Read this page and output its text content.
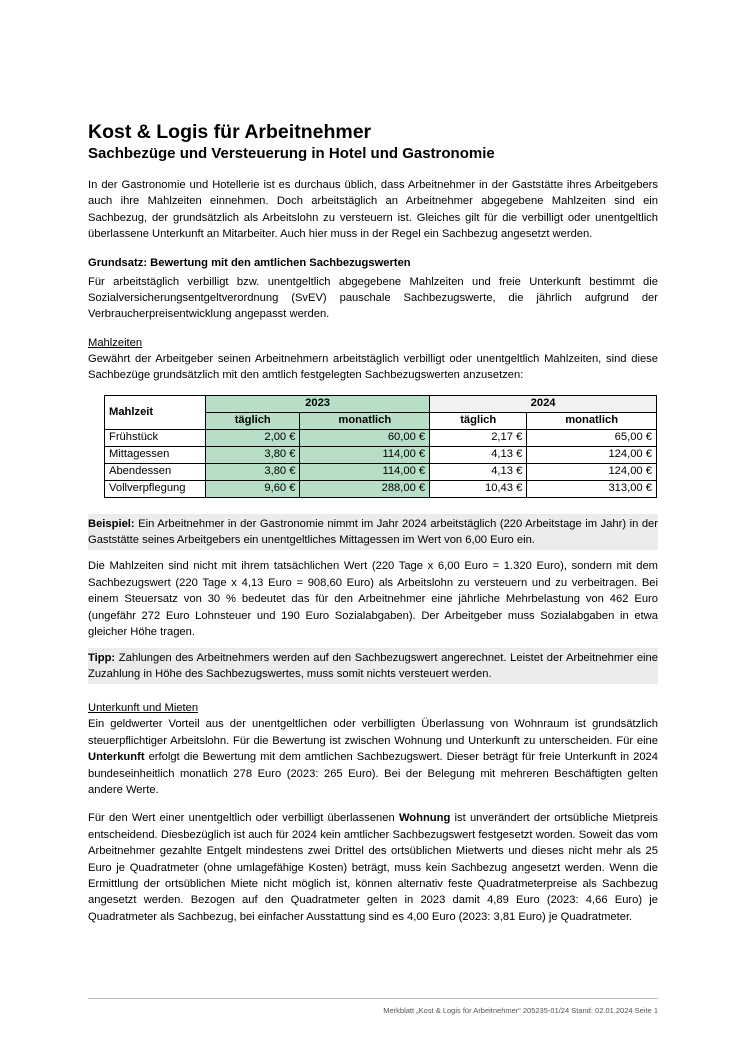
Kost & Logis für Arbeitnehmer
Sachbezüge und Versteuerung in Hotel und Gastronomie

In der Gastronomie und Hotellerie ist es durchaus üblich, dass Arbeitnehmer in der Gaststätte ihres Arbeitgebers auch ihre Mahlzeiten einnehmen. Doch arbeitstäglich an Arbeitnehmer abgegebene Mahlzeiten sind ein Sachbezug, der grundsätzlich als Arbeitslohn zu versteuern ist. Gleiches gilt für die verbilligt oder unentgeltlich überlassene Unterkunft an Mitarbeiter. Auch hier muss in der Regel ein Sachbezug angesetzt werden.

Grundsatz: Bewertung mit den amtlichen Sachbezugswerten

Für arbeitstäglich verbilligt bzw. unentgeltlich abgegebene Mahlzeiten und freie Unterkunft bestimmt die Sozialversicherungsentgeltverordnung (SvEV) pauschale Sachbezugswerte, die jährlich aufgrund der Verbraucherpreisentwicklung angepasst werden.

Mahlzeiten

Gewährt der Arbeitgeber seinen Arbeitnehmern arbeitstäglich verbilligt oder unentgeltlich Mahlzeiten, sind diese Sachbezüge grundsätzlich mit den amtlich festgelegten Sachbezugswerten anzusetzen:

Mahlzeit	2023		2024	
	täglich	monatlich	täglich	monatlich
Frühstück	2,00 €	60,00 €	2,17 €	65,00 €
Mittagessen	3,80 €	114,00 €	4,13 €	124,00 €
Abendessen	3,80 €	114,00 €	4,13 €	124,00 €
Vollverpflegung	9,60 €	288,00 €	10,43 €	313,00 €

Beispiel: Ein Arbeitnehmer in der Gastronomie nimmt im Jahr 2024 arbeitstäglich (220 Arbeitstage im Jahr) in der Gaststätte seines Arbeitgebers ein unentgeltliches Mittagessen im Wert von 6,00 Euro ein.

Die Mahlzeiten sind nicht mit ihrem tatsächlichen Wert (220 Tage x 6,00 Euro = 1.320 Euro), sondern mit dem Sachbezugswert (220 Tage x 4,13 Euro = 908,60 Euro) als Arbeitslohn zu versteuern und zu verbeitragen. Bei einem Steuersatz von 30 % bedeutet das für den Arbeitnehmer eine jährliche Mehrbelastung von 462 Euro (ungefähr 272 Euro Lohnsteuer und 190 Euro Sozialabgaben). Der Arbeitgeber muss Sozialabgaben in etwa gleicher Höhe tragen.

Tipp: Zahlungen des Arbeitnehmers werden auf den Sachbezugswert angerechnet. Leistet der Arbeitnehmer eine Zuzahlung in Höhe des Sachbezugswertes, muss somit nichts versteuert werden.

Unterkunft und Mieten

Ein geldwerter Vorteil aus der unentgeltlichen oder verbilligten Überlassung von Wohnraum ist grundsätzlich steuerpflichtiger Arbeitslohn. Für die Bewertung ist zwischen Wohnung und Unterkunft zu unterscheiden. Für eine Unterkunft erfolgt die Bewertung mit dem amtlichen Sachbezugswert. Dieser beträgt für freie Unterkunft in 2024 bundeseinheitlich monatlich 278 Euro (2023: 265 Euro). Bei der Belegung mit mehreren Beschäftigten gelten andere Werte.

Für den Wert einer unentgeltlich oder verbilligt überlassenen Wohnung ist unverändert der ortsübliche Mietpreis entscheidend. Diesbezüglich ist auch für 2024 kein amtlicher Sachbezugswert festgesetzt worden. Soweit das vom Arbeitnehmer gezahlte Entgelt mindestens zwei Drittel des ortsüblichen Mietwerts und dieses nicht mehr als 25 Euro je Quadratmeter (ohne umlagefähige Kosten) beträgt, muss kein Sachbezug angesetzt werden. Wenn die Ermittlung der ortsüblichen Miete nicht möglich ist, können alternativ feste Quadratmeterpreise als Sachbezug angesetzt werden. Bezogen auf den Quadratmeter gelten in 2023 damit 4,89 Euro (2023: 4,66 Euro) je Quadratmeter als Sachbezug, bei einfacher Ausstattung sind es 4,00 Euro (2023: 3,81 Euro) je Quadratmeter.

Merkblatt „Kost & Logis für Arbeitnehmer“ 205235-01/24 Stand: 02.01.2024 Seite 1
